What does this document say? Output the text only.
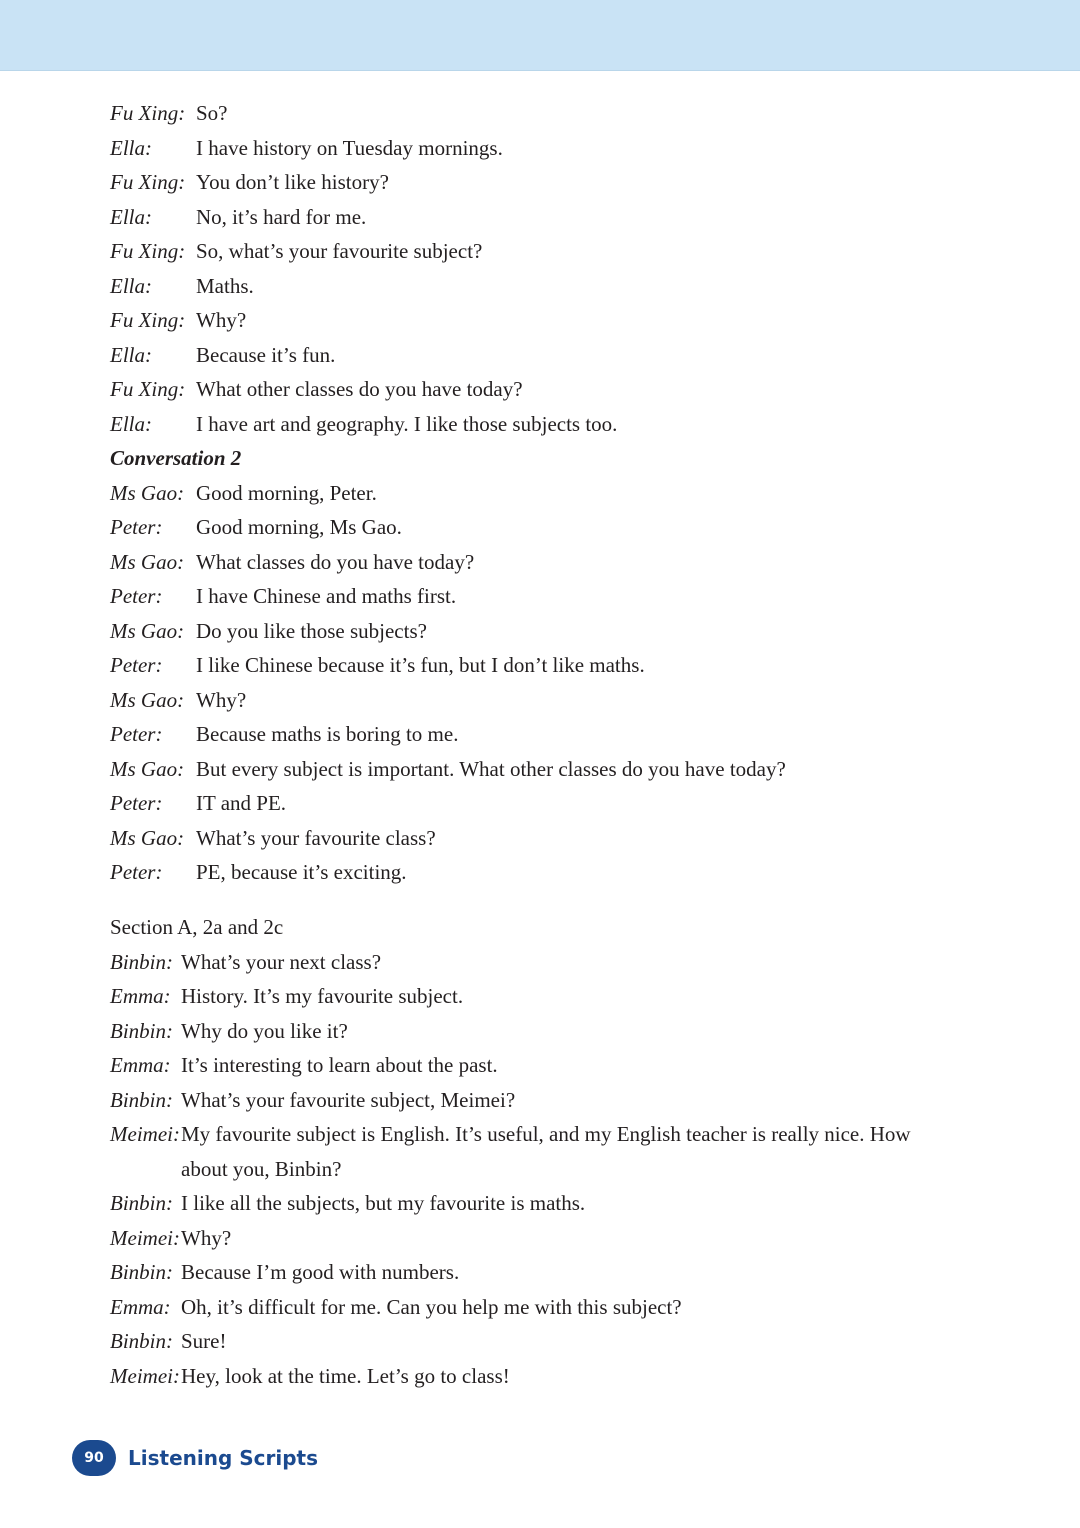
Fu Xing: So?
Ella: I have history on Tuesday mornings.
Fu Xing: You don’t like history?
Ella: No, it’s hard for me.
Fu Xing: So, what’s your favourite subject?
Ella: Maths.
Fu Xing: Why?
Ella: Because it’s fun.
Fu Xing: What other classes do you have today?
Ella: I have art and geography. I like those subjects too.
Conversation 2
Ms Gao: Good morning, Peter.
Peter: Good morning, Ms Gao.
Ms Gao: What classes do you have today?
Peter: I have Chinese and maths first.
Ms Gao: Do you like those subjects?
Peter: I like Chinese because it’s fun, but I don’t like maths.
Ms Gao: Why?
Peter: Because maths is boring to me.
Ms Gao: But every subject is important. What other classes do you have today?
Peter: IT and PE.
Ms Gao: What’s your favourite class?
Peter: PE, because it’s exciting.
Section A, 2a and 2c
Binbin: What’s your next class?
Emma: History. It’s my favourite subject.
Binbin: Why do you like it?
Emma: It’s interesting to learn about the past.
Binbin: What’s your favourite subject, Meimei?
Meimei: My favourite subject is English. It’s useful, and my English teacher is really nice. How
about you, Binbin?
Binbin: I like all the subjects, but my favourite is maths.
Meimei: Why?
Binbin: Because I’m good with numbers.
Emma: Oh, it’s difficult for me. Can you help me with this subject?
Binbin: Sure!
Meimei: Hey, look at the time. Let’s go to class!
90	Listening Scripts
